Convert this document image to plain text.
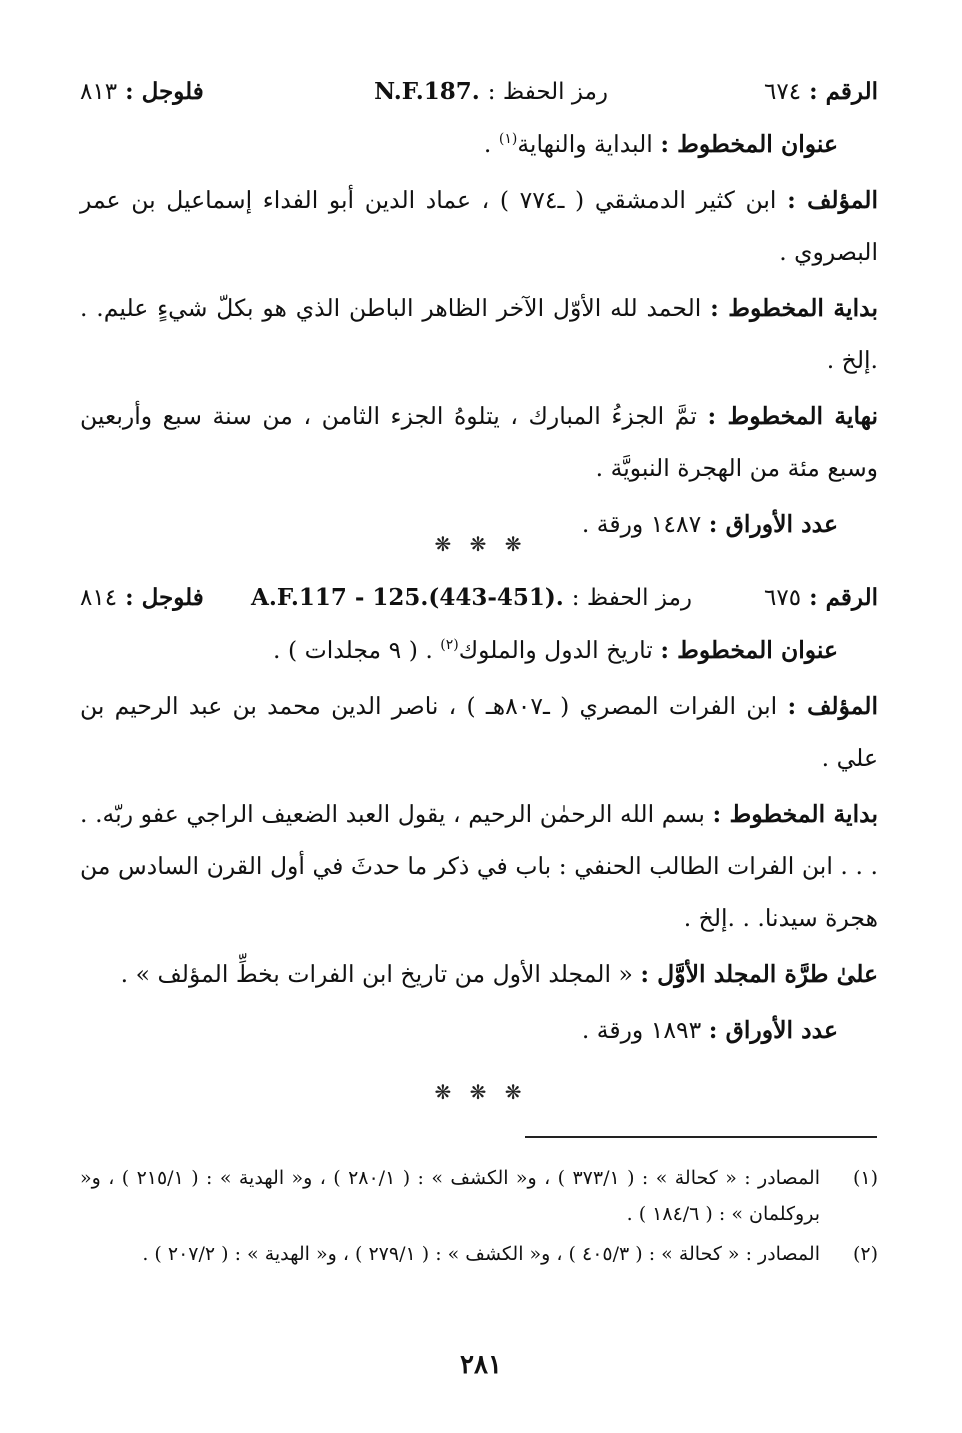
الرقم : ٦٧٤
رمز الحفظ : N.F.187.
فلوجل : ٨١٣

عنوان المخطوط : البداية والنهاية$^{(١)}$ .

المؤلف : ابن كثير الدمشقي ( ـ٧٧٤ ) ، عماد الدين أبو الفداء إسماعيل بن عمر البصروي .

بداية المخطوط : الحمد لله الأوّل الآخر الظاهر الباطن الذي هو بكلّ شيءٍ عليم. . .إلخ .

نهاية المخطوط : تمَّ الجزءُ المبارك ، يتلوهُ الجزء الثامن ، من سنة سبع وأربعين وسبع مئة من الهجرة النبويَّة .

عدد الأوراق : ١٤٨٧ ورقة .

❋ ❋ ❋
الرقم : ٦٧٥
رمز الحفظ : A.F.117 - 125.(443-451).
فلوجل : ٨١٤

عنوان المخطوط : تاريخ الدول والملوك$^{(٢)}$ . ( ٩ مجلدات ) .

المؤلف : ابن الفرات المصري ( ـ٨٠٧هـ ) ، ناصر الدين محمد بن عبد الرحيم بن علي .

بداية المخطوط : بسم الله الرحمٰن الرحيم ، يقول العبد الضعيف الراجي عفو ربّه. . . . . ابن الفرات الطالب الحنفي : باب في ذكر ما حدثَ في أول القرن السادس من هجرة سيدنا. . .إلخ .

علىٰ طرَّة المجلد الأوَّل : « المجلد الأول من تاريخ ابن الفرات بخطِّ المؤلف » .

عدد الأوراق : ١٨٩٣ ورقة .

❋ ❋ ❋
(١)
المصادر : « كحالة » : ( ٣٧٣/١ ) ، و« الكشف » : ( ٢٨٠/١ ) ، و« الهدية » : ( ٢١٥/١ ) ، و« بروكلمان » : ( ١٨٤/٦ ) .
(٢)
المصادر : « كحالة » : ( ٤٠٥/٣ ) ، و« الكشف » : ( ٢٧٩/١ ) ، و« الهدية » : ( ٢٠٧/٢ ) .
٢٨١
